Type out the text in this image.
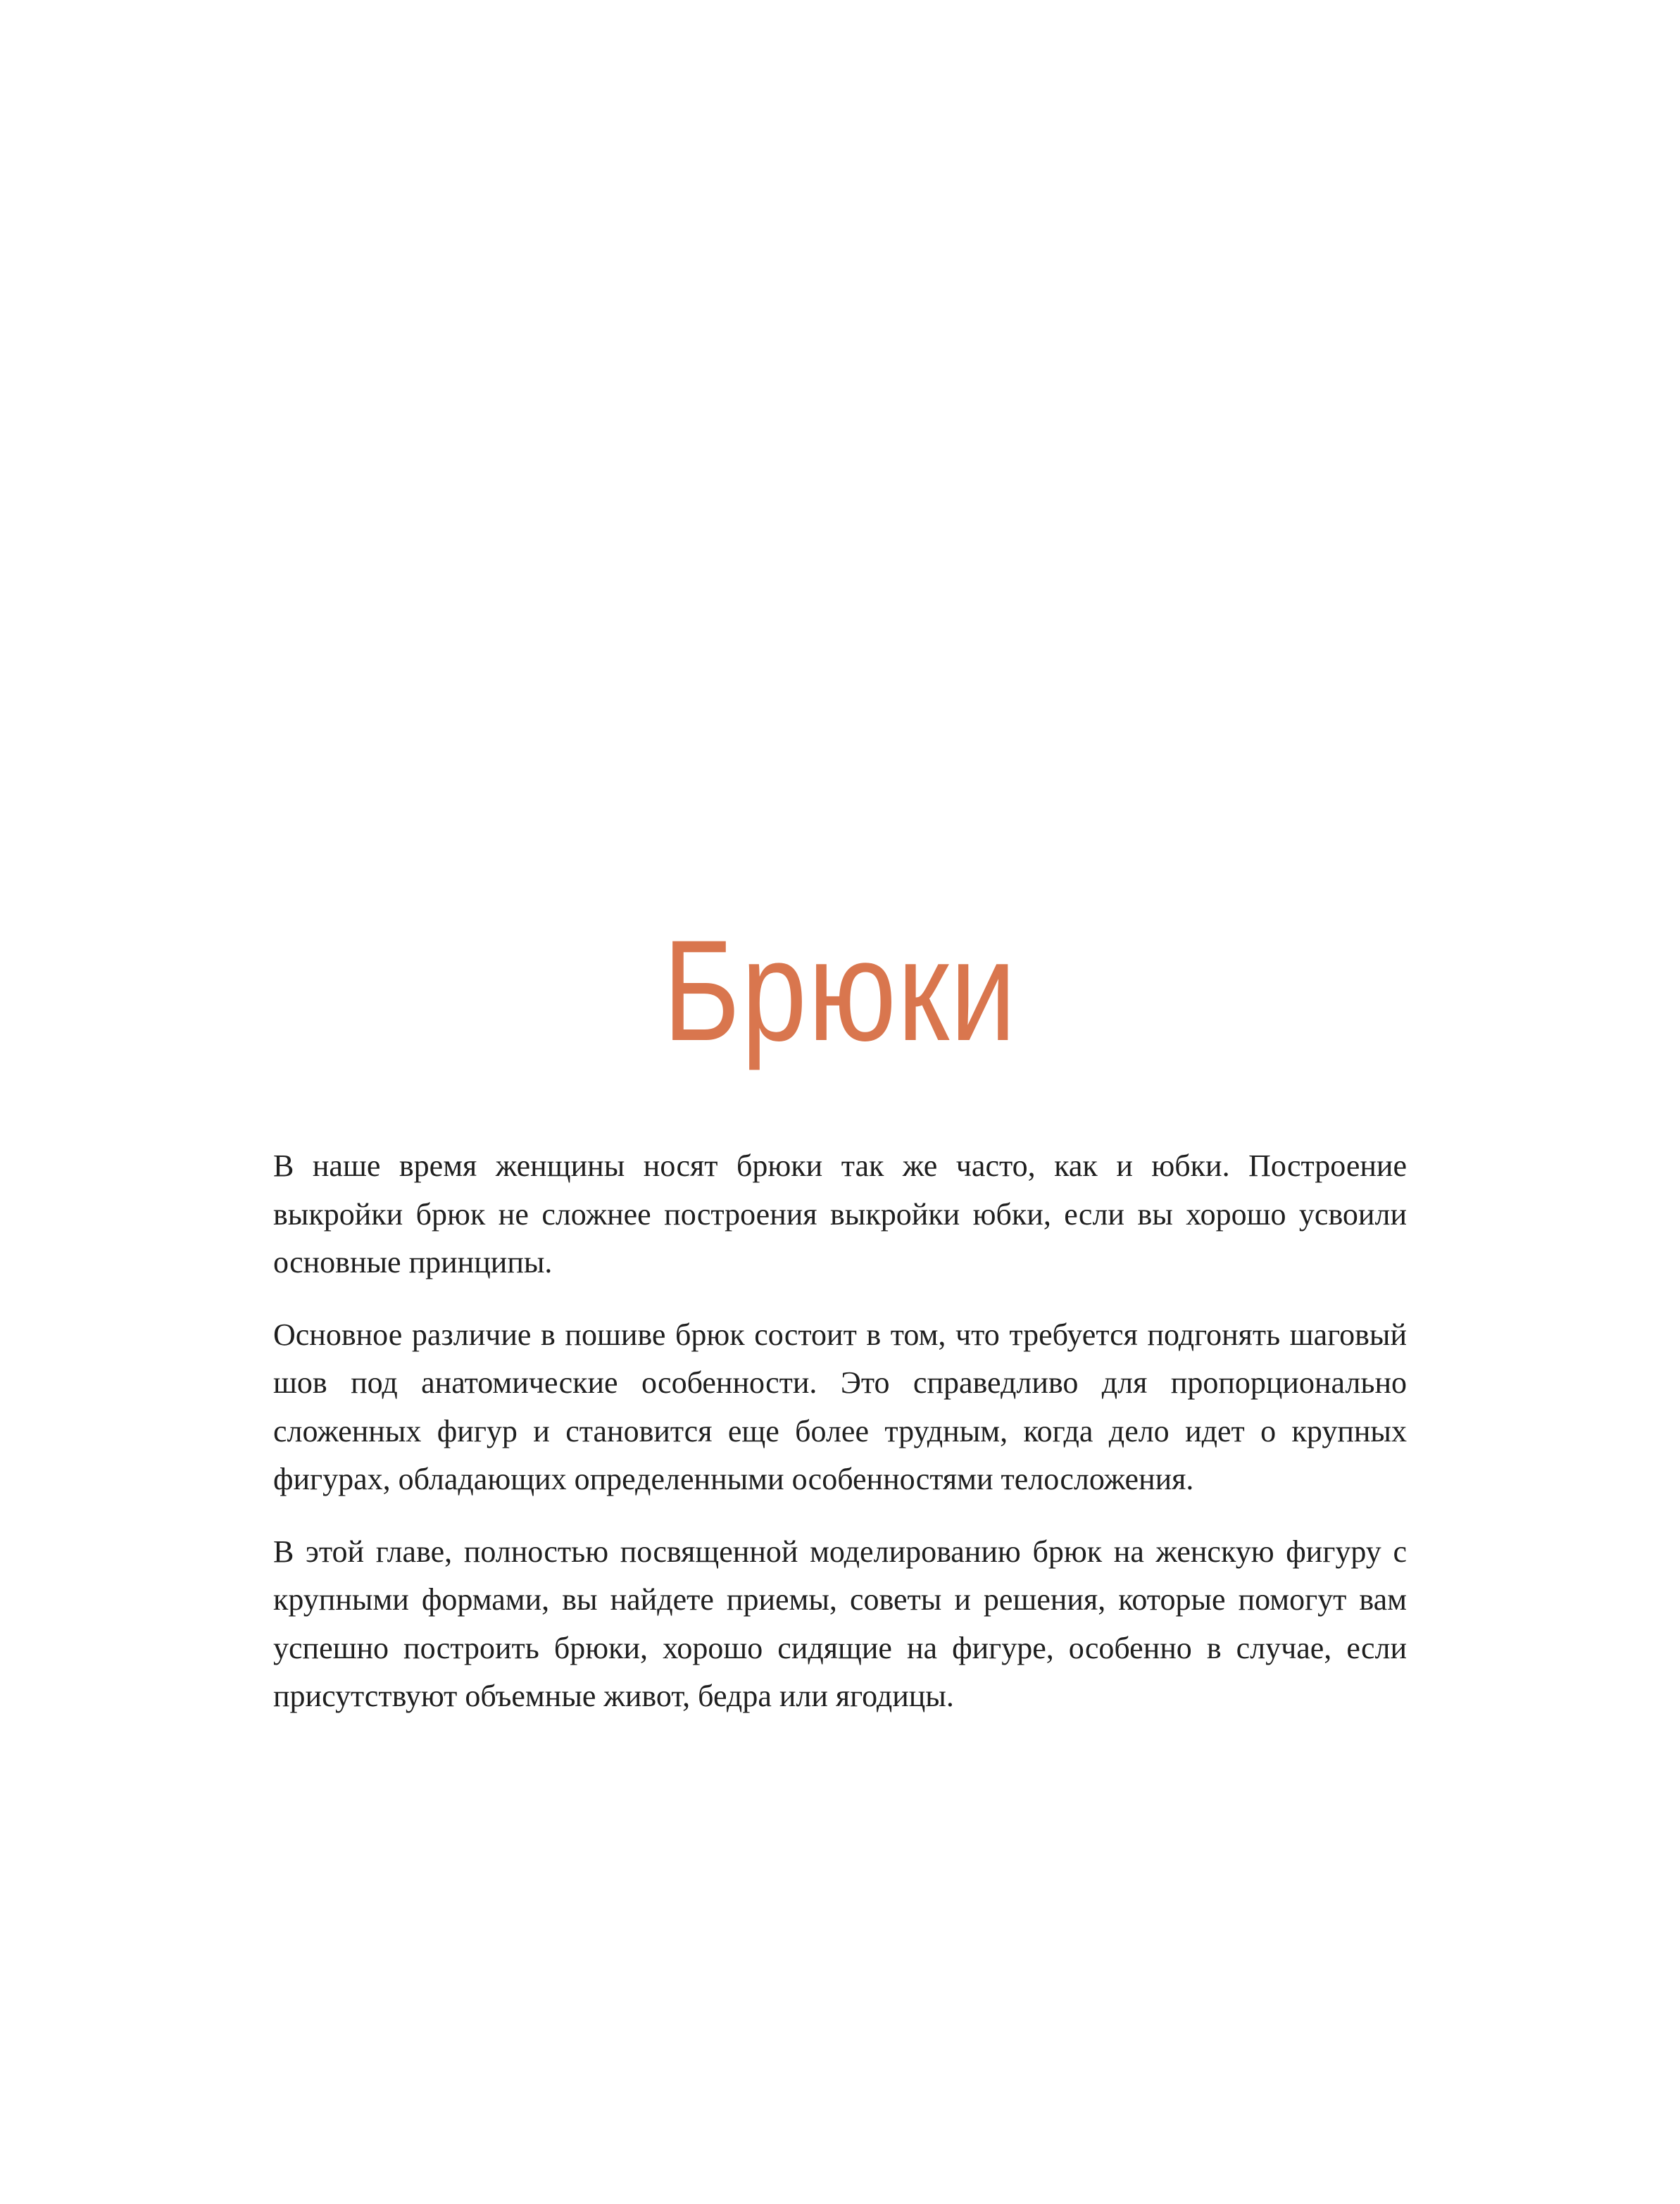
Брюки

В наше время женщины носят брюки так же часто, как и юбки. Построение выкройки брюк не сложнее построения выкройки юбки, если вы хорошо усвоили основные принципы.

Основное различие в пошиве брюк состоит в том, что требуется подгонять шаговый шов под анатомические особенности. Это справедливо для пропорционально сложенных фигур и становится еще более трудным, когда дело идет о крупных фигурах, обладающих определенными особенностями телосложения.

В этой главе, полностью посвященной моделированию брюк на женскую фигуру с крупными формами, вы найдете приемы, советы и решения, которые помогут вам успешно построить брюки, хорошо сидящие на фигуре, особенно в случае, если присутствуют объемные живот, бедра или ягодицы.
